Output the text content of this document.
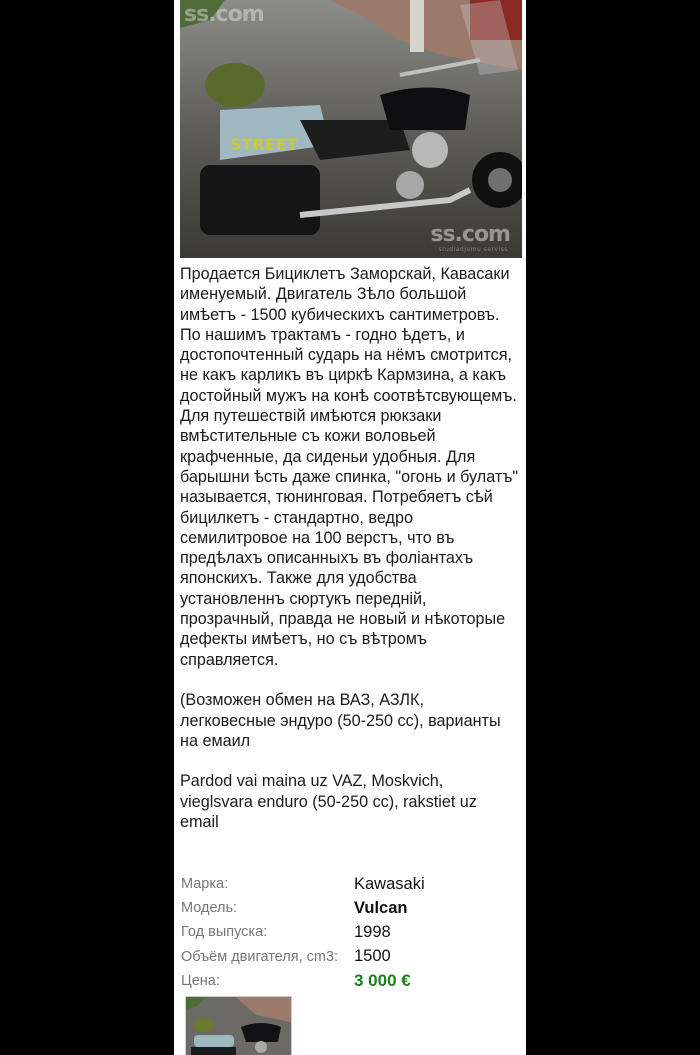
STREET
ss.com
ss.com
studiadjumu serviss

Продается Бициклетъ Заморскай, Кавасаки именуемый. Двигатель Зѣло большой имѣетъ - 1500 кубическихъ сантиметровъ. По нашимъ трактамъ - годно ѣдетъ, и достопочтенный сударь на нёмъ смотрится, не какъ карликъ въ циркѣ Кармзина, а какъ достойный мужъ на конѣ соотвѣтсвующемъ. Для путешествiй имѣются рюкзаки вмѣстительные съ кожи воловьей крафченные, да сиденьи удобныя. Для барышни ѣсть даже спинка, "огонь и булатъ" называется, тюнинговая. Потребяетъ сѣй бицилкетъ - стандартно, ведро семилитровое на 100 верстъ, что въ предѣлахъ описанныхъ въ фоліантахъ японскихъ. Также для удобства установленнъ сюртукъ передній, прозрачный, правда не новый и нѣкоторые дефекты имѣетъ, но съ вѣтромъ справляется.

(Возможен обмен на ВАЗ, АЗЛК, легковесные эндуро (50-250 cc), варианты на емаил

Pardod vai maina uz VAZ, Moskvich, vieglsvara enduro (50-250 cc), rakstiet uz email

Марка:	Kawasaki
Модель:	Vulcan
Год выпуска:	1998
Объём двигателя, cm3: 1500
Цена:	3 000 €
